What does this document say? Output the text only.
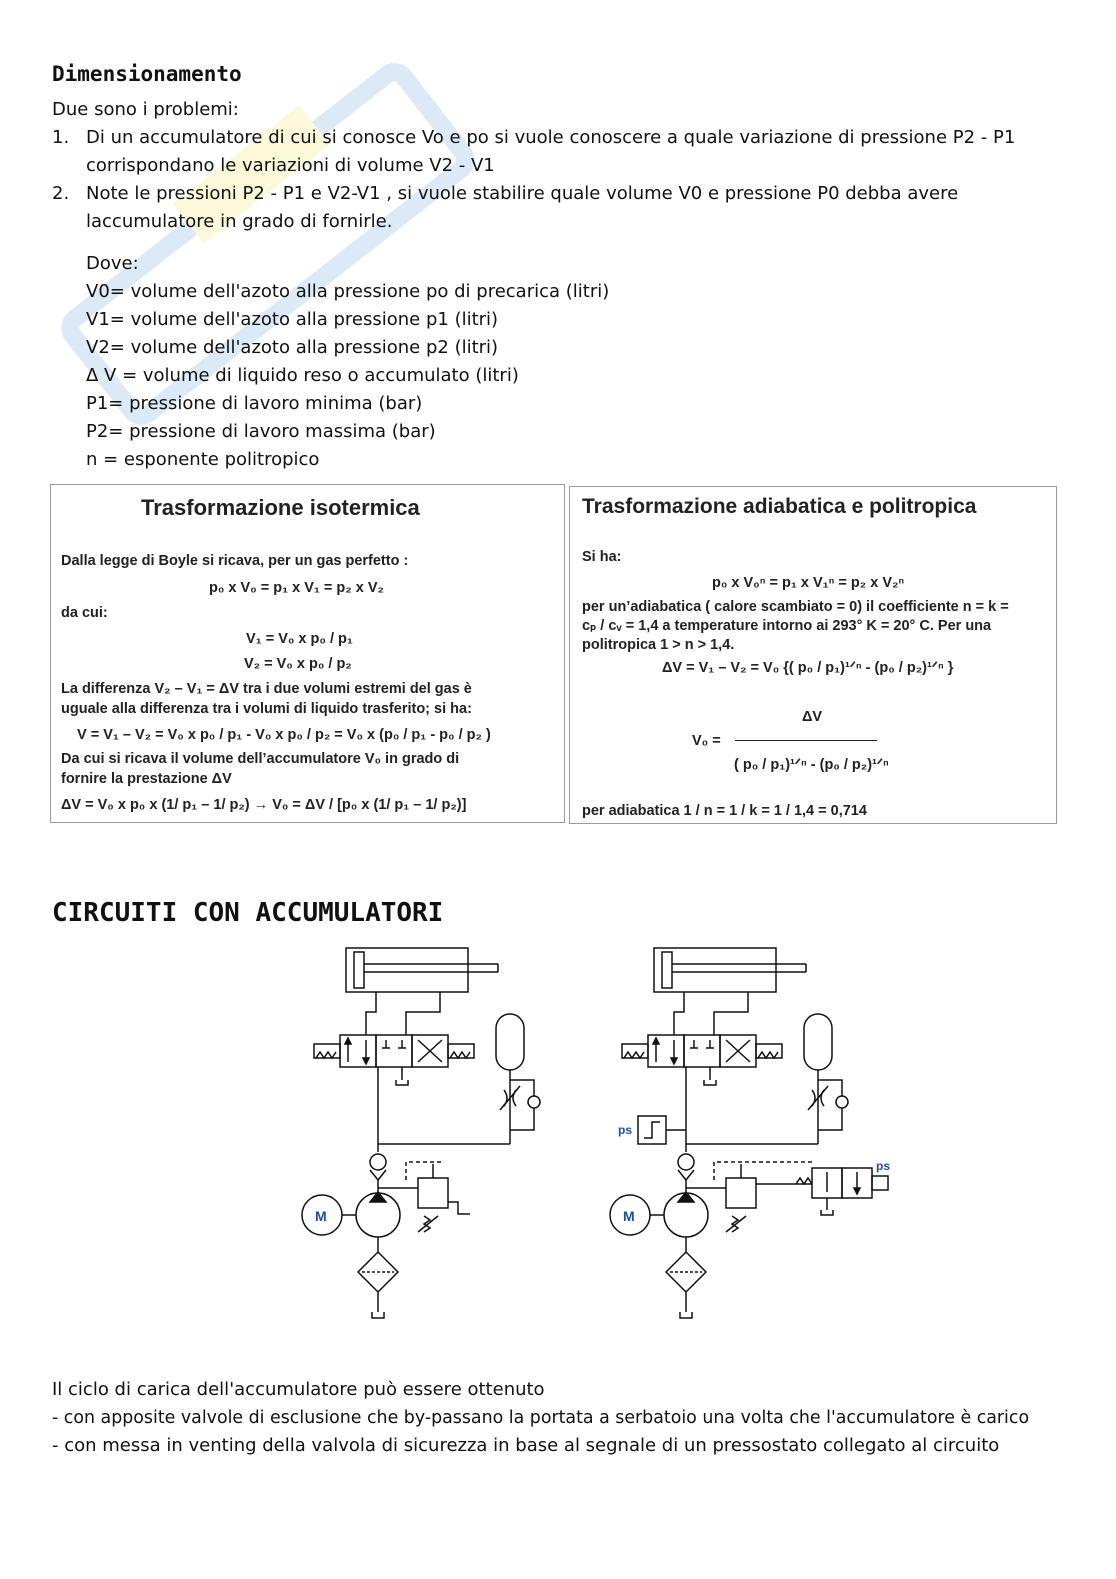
Dimensionamento
Due sono i problemi:
1. Di un accumulatore di cui si conosce Vo e po si vuole conoscere a quale variazione di pressione P2 - P1
corrispondano le variazioni di volume V2 - V1
2. Note le pressioni P2 - P1 e V2-V1 , si vuole stabilire quale volume V0 e pressione P0 debba avere
laccumulatore in grado di fornirle.
Dove:
V0= volume dell'azoto alla pressione po di precarica (litri)
V1= volume dell'azoto alla pressione p1 (litri)
V2= volume dell'azoto alla pressione p2 (litri)
Δ V = volume di liquido reso o accumulato (litri)
P1= pressione di lavoro minima (bar)
P2= pressione di lavoro massima (bar)
n = esponente politropico
Trasformazione isotermica
Dalla legge di Boyle si ricava, per un gas perfetto :
p₀ x V₀ = p₁ x V₁ = p₂ x V₂
da cui:
V₁ = V₀ x p₀ / p₁
V₂ = V₀ x p₀ / p₂
La differenza V₂ – V₁ = ΔV tra i due volumi estremi del gas è
uguale alla differenza tra i volumi di liquido trasferito; si ha:
V = V₁ – V₂ = V₀ x p₀ / p₁ - V₀ x p₀ / p₂ = V₀ x (p₀ / p₁ - p₀ / p₂ )
Da cui si ricava il volume dell’accumulatore V₀ in grado di
fornire la prestazione ΔV
ΔV = V₀ x p₀ x (1/ p₁ – 1/ p₂) → V₀ = ΔV / [p₀ x (1/ p₁ – 1/ p₂)]
Trasformazione adiabatica e politropica
Si ha:
p₀ x V₀ⁿ = p₁ x V₁ⁿ = p₂ x V₂ⁿ
per un’adiabatica ( calore scambiato = 0) il coefficiente n = k =
cₚ / cᵥ = 1,4 a temperature intorno ai 293° K = 20° C. Per una
politropica 1 > n > 1,4.
ΔV = V₁ – V₂ = V₀ {( p₀ / p₁)¹ᐟⁿ - (p₀ / p₂)¹ᐟⁿ }
ΔV
V₀ =
( p₀ / p₁)¹ᐟⁿ - (p₀ / p₂)¹ᐟⁿ
per adiabatica 1 / n = 1 / k = 1 / 1,4 = 0,714
CIRCUITI CON ACCUMULATORI
M
ps
ps
M
Il ciclo di carica dell'accumulatore può essere ottenuto
- con apposite valvole di esclusione che by-passano la portata a serbatoio una volta che l'accumulatore è carico
- con messa in venting della valvola di sicurezza in base al segnale di un pressostato collegato al circuito
